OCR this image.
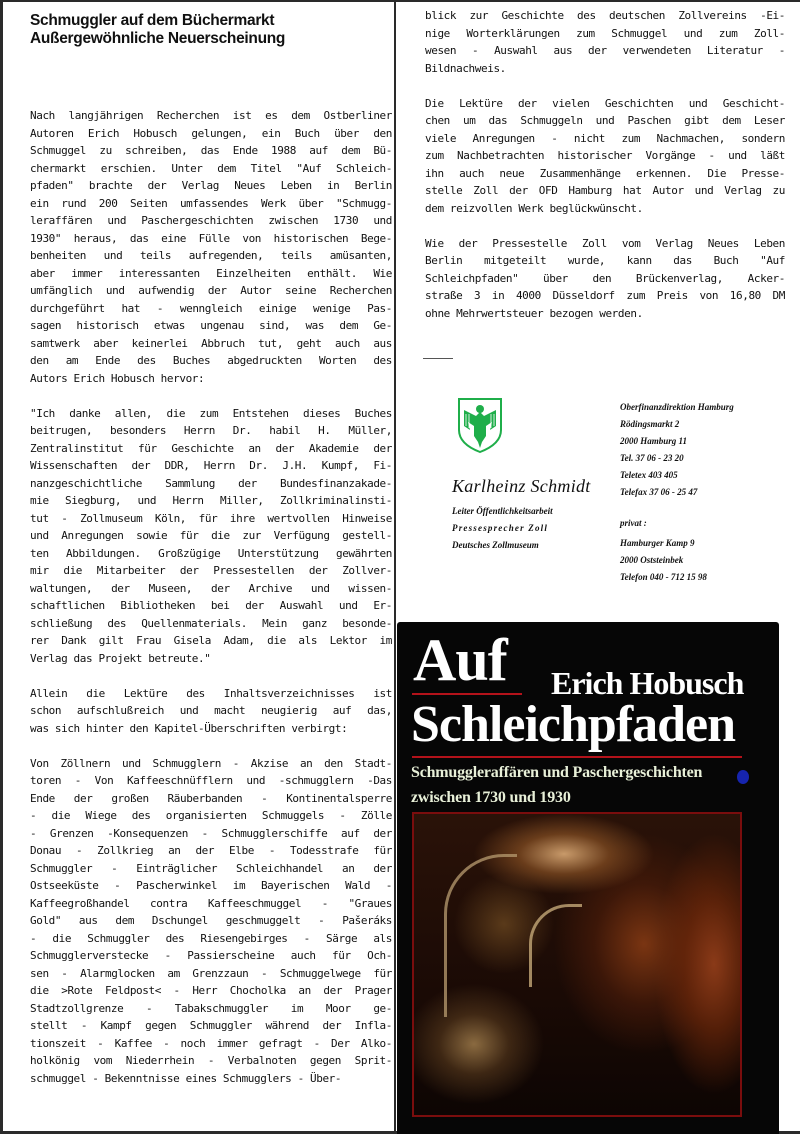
Schmuggler auf dem Büchermarkt
Außergewöhnliche Neuerscheinung

Nach langjährigen Recherchen ist es dem Ostberliner
Autoren Erich Hobusch gelungen, ein Buch über den
Schmuggel zu schreiben, das Ende 1988 auf dem Bü-
chermarkt erschien. Unter dem Titel "Auf Schleich-
pfaden" brachte der Verlag Neues Leben in Berlin
ein rund 200 Seiten umfassendes Werk über "Schmugg-
leraffären und Paschergeschichten zwischen 1730 und
1930" heraus, das eine Fülle von historischen Bege-
benheiten und teils aufregenden, teils amüsanten,
aber immer interessanten Einzelheiten enthält. Wie
umfänglich und aufwendig der Autor seine Recherchen
durchgeführt hat - wenngleich einige wenige Pas-
sagen historisch etwas ungenau sind, was dem Ge-
samtwerk aber keinerlei Abbruch tut, geht auch aus
den am Ende des Buches abgedruckten Worten des
Autors Erich Hobusch hervor:

"Ich danke allen, die zum Entstehen dieses Buches
beitrugen, besonders Herrn Dr. habil H. Müller,
Zentralinstitut für Geschichte an der Akademie der
Wissenschaften der DDR, Herrn Dr. J.H. Kumpf, Fi-
nanzgeschichtliche Sammlung der Bundesfinanzakade-
mie Siegburg, und Herrn Miller, Zollkriminalinsti-
tut - Zollmuseum Köln, für ihre wertvollen Hinweise
und Anregungen sowie für die zur Verfügung gestell-
ten Abbildungen. Großzügige Unterstützung gewährten
mir die Mitarbeiter der Pressestellen der Zollver-
waltungen, der Museen, der Archive und wissen-
schaftlichen Bibliotheken bei der Auswahl und Er-
schließung des Quellenmaterials. Mein ganz besonde-
rer Dank gilt Frau Gisela Adam, die als Lektor im
Verlag das Projekt betreute."

Allein die Lektüre des Inhaltsverzeichnisses ist
schon aufschlußreich und macht neugierig auf das,
was sich hinter den Kapitel-Überschriften verbirgt:

Von Zöllnern und Schmugglern - Akzise an den Stadt-
toren - Von Kaffeeschnüfflern und -schmugglern -Das
Ende der großen Räuberbanden - Kontinentalsperre
- die Wiege des organisierten Schmuggels - Zölle
- Grenzen -Konsequenzen - Schmugglerschiffe auf der
Donau - Zollkrieg an der Elbe - Todesstrafe für
Schmuggler - Einträglicher Schleichhandel an der
Ostseeküste - Pascherwinkel im Bayerischen Wald -
Kaffeegroßhandel contra Kaffeeschmuggel - "Graues
Gold" aus dem Dschungel geschmuggelt - Pašeráks
- die Schmuggler des Riesengebirges - Särge als
Schmugglerverstecke - Passierscheine auch für Och-
sen - Alarmglocken am Grenzzaun - Schmuggelwege für
die >Rote Feldpost< - Herr Chocholka an der Prager
Stadtzollgrenze - Tabakschmuggler im Moor ge-
stellt - Kampf gegen Schmuggler während der Infla-
tionszeit - Kaffee - noch immer gefragt - Der Alko-
holkönig vom Niederrhein - Verbalnoten gegen Sprit-
schmuggel - Bekenntnisse eines Schmugglers - Über-

blick zur Geschichte des deutschen Zollvereins -Ei-
nige Worterklärungen zum Schmuggel und zum Zoll-
wesen - Auswahl aus der verwendeten Literatur -
Bildnachweis.

Die Lektüre der vielen Geschichten und Geschicht-
chen um das Schmuggeln und Paschen gibt dem Leser
viele Anregungen - nicht zum Nachmachen, sondern
zum Nachbetrachten historischer Vorgänge - und läßt
ihn auch neue Zusammenhänge erkennen. Die Presse-
stelle Zoll der OFD Hamburg hat Autor und Verlag zu
dem reizvollen Werk beglückwünscht.

Wie der Pressestelle Zoll vom Verlag Neues Leben
Berlin mitgeteilt wurde, kann das Buch "Auf
Schleichpfaden" über den Brückenverlag, Acker-
straße 3 in 4000 Düsseldorf zum Preis von 16,80 DM
ohne Mehrwertsteuer bezogen werden.

Karlheinz Schmidt
Leiter Öffentlichkeitsarbeit
Pressesprecher Zoll
Deutsches Zollmuseum
Oberfinanzdirektion Hamburg
Rödingsmarkt 2
2000 Hamburg 11
Tel. 37 06 - 23 20
Teletex 403 405
Telefax 37 06 - 25 47
privat :
Hamburger Kamp 9
2000 Oststeinbek
Telefon 040 - 712 15 98
Auf Erich Hobusch
Schleichpfaden
Schmuggleraffären und Paschergeschichten
zwischen 1730 und 1930
